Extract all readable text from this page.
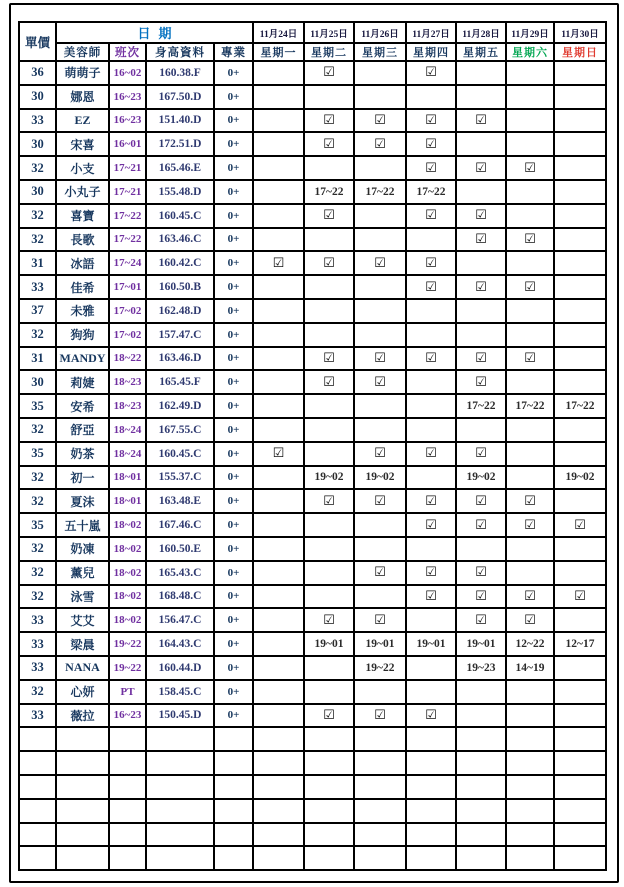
單價	日期				11月24日	11月25日	11月26日	11月27日	11月28日	11月29日	11月30日
	美容師	班次	身高資料	專業	星期一	星期二	星期三	星期四	星期五	星期六	星期日
36	萌萌子	16~02	160.38.F	0+		☑		☑			
30	娜恩	16~23	167.50.D	0+							
33	EZ	16~23	151.40.D	0+		☑	☑	☑	☑		
30	宋喜	16~01	172.51.D	0+		☑	☑	☑			
32	小支	17~21	165.46.E	0+				☑	☑	☑	
30	小丸子	17~21	155.48.D	0+		17~22	17~22	17~22			
32	喜寶	17~22	160.45.C	0+		☑		☑	☑		
32	長歌	17~22	163.46.C	0+					☑	☑	
31	冰語	17~24	160.42.C	0+	☑	☑	☑	☑			
33	佳希	17~01	160.50.B	0+				☑	☑	☑	
37	未雅	17~02	162.48.D	0+							
32	狗狗	17~02	157.47.C	0+							
31	MANDY	18~22	163.46.D	0+		☑	☑	☑	☑	☑	
30	莉婕	18~23	165.45.F	0+		☑	☑		☑		
35	安希	18~23	162.49.D	0+					17~22	17~22	17~22
32	舒亞	18~24	167.55.C	0+							
35	奶茶	18~24	160.45.C	0+	☑		☑	☑	☑		
32	初一	18~01	155.37.C	0+		19~02	19~02		19~02		19~02
32	夏沫	18~01	163.48.E	0+		☑	☑	☑	☑	☑	
35	五十嵐	18~02	167.46.C	0+				☑	☑	☑	☑
32	奶凍	18~02	160.50.E	0+							
32	薰兒	18~02	165.43.C	0+			☑	☑	☑		
32	泳雪	18~02	168.48.C	0+				☑	☑	☑	☑
33	艾艾	18~02	156.47.C	0+		☑	☑		☑	☑	
33	梁晨	19~22	164.43.C	0+		19~01	19~01	19~01	19~01	12~22	12~17
33	NANA	19~22	160.44.D	0+			19~22		19~23	14~19	
32	心妍	PT	158.45.C	0+							
33	薇拉	16~23	150.45.D	0+		☑	☑	☑			
